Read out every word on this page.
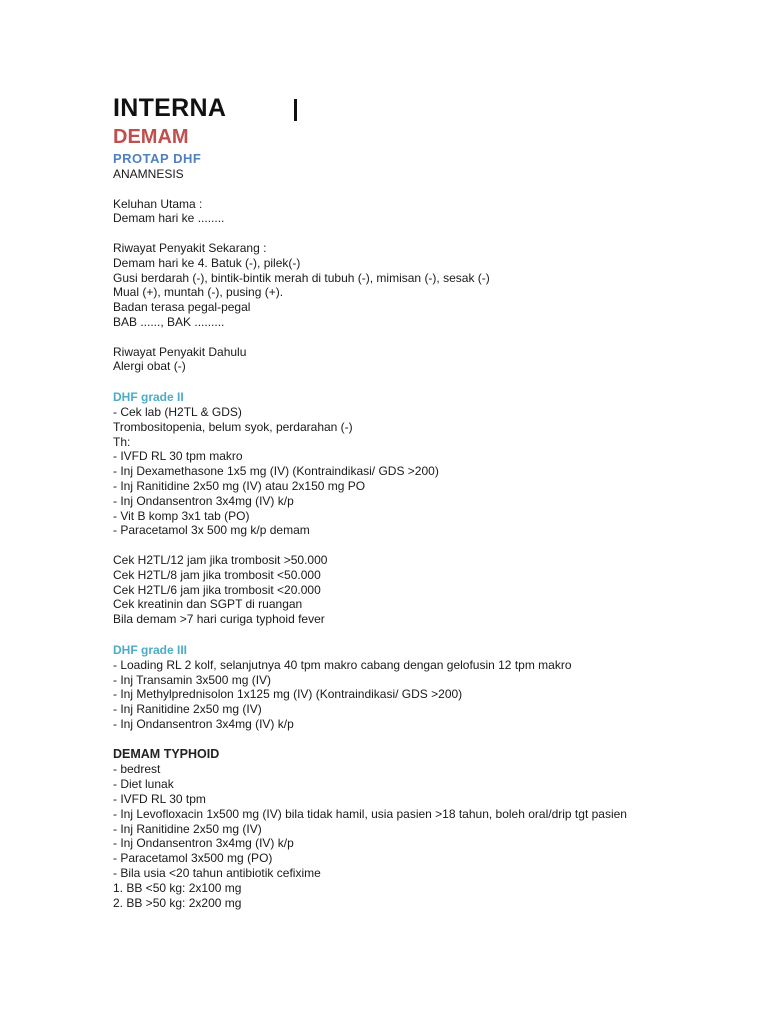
INTERNA
DEMAM
PROTAP DHF

ANAMNESIS

Keluhan Utama :

Demam hari ke ........

Riwayat Penyakit Sekarang :

Demam hari ke 4. Batuk (-), pilek(-)

Gusi berdarah (-), bintik-bintik merah di tubuh (-), mimisan (-), sesak (-)

Mual (+), muntah (-), pusing (+).

Badan terasa pegal-pegal

BAB ......, BAK .........

Riwayat Penyakit Dahulu

Alergi obat (-)

DHF grade II

- Cek lab (H2TL & GDS)

Trombositopenia, belum syok, perdarahan (-)

Th:

- IVFD RL 30 tpm makro

- Inj Dexamethasone 1x5 mg (IV) (Kontraindikasi/ GDS >200)

- Inj Ranitidine 2x50 mg (IV) atau 2x150 mg PO

- Inj Ondansentron 3x4mg (IV) k/p

- Vit B komp 3x1 tab (PO)

- Paracetamol 3x 500 mg k/p demam

Cek H2TL/12 jam jika trombosit >50.000

Cek H2TL/8 jam jika trombosit <50.000

Cek H2TL/6 jam jika trombosit <20.000

Cek kreatinin dan SGPT di ruangan

Bila demam >7 hari curiga typhoid fever

DHF grade III

- Loading RL 2 kolf, selanjutnya 40 tpm makro cabang dengan gelofusin 12 tpm makro

- Inj Transamin 3x500 mg (IV)

- Inj Methylprednisolon 1x125 mg (IV) (Kontraindikasi/ GDS >200)

- Inj Ranitidine 2x50 mg (IV)

- Inj Ondansentron 3x4mg (IV) k/p

DEMAM TYPHOID

- bedrest

- Diet lunak

- IVFD RL 30 tpm

- Inj Levofloxacin 1x500 mg (IV) bila tidak hamil, usia pasien >18 tahun, boleh oral/drip tgt pasien

- Inj Ranitidine 2x50 mg (IV)

- Inj Ondansentron 3x4mg (IV) k/p

- Paracetamol 3x500 mg (PO)

- Bila usia <20 tahun antibiotik cefixime

1. BB <50 kg: 2x100 mg

2. BB >50 kg: 2x200 mg
